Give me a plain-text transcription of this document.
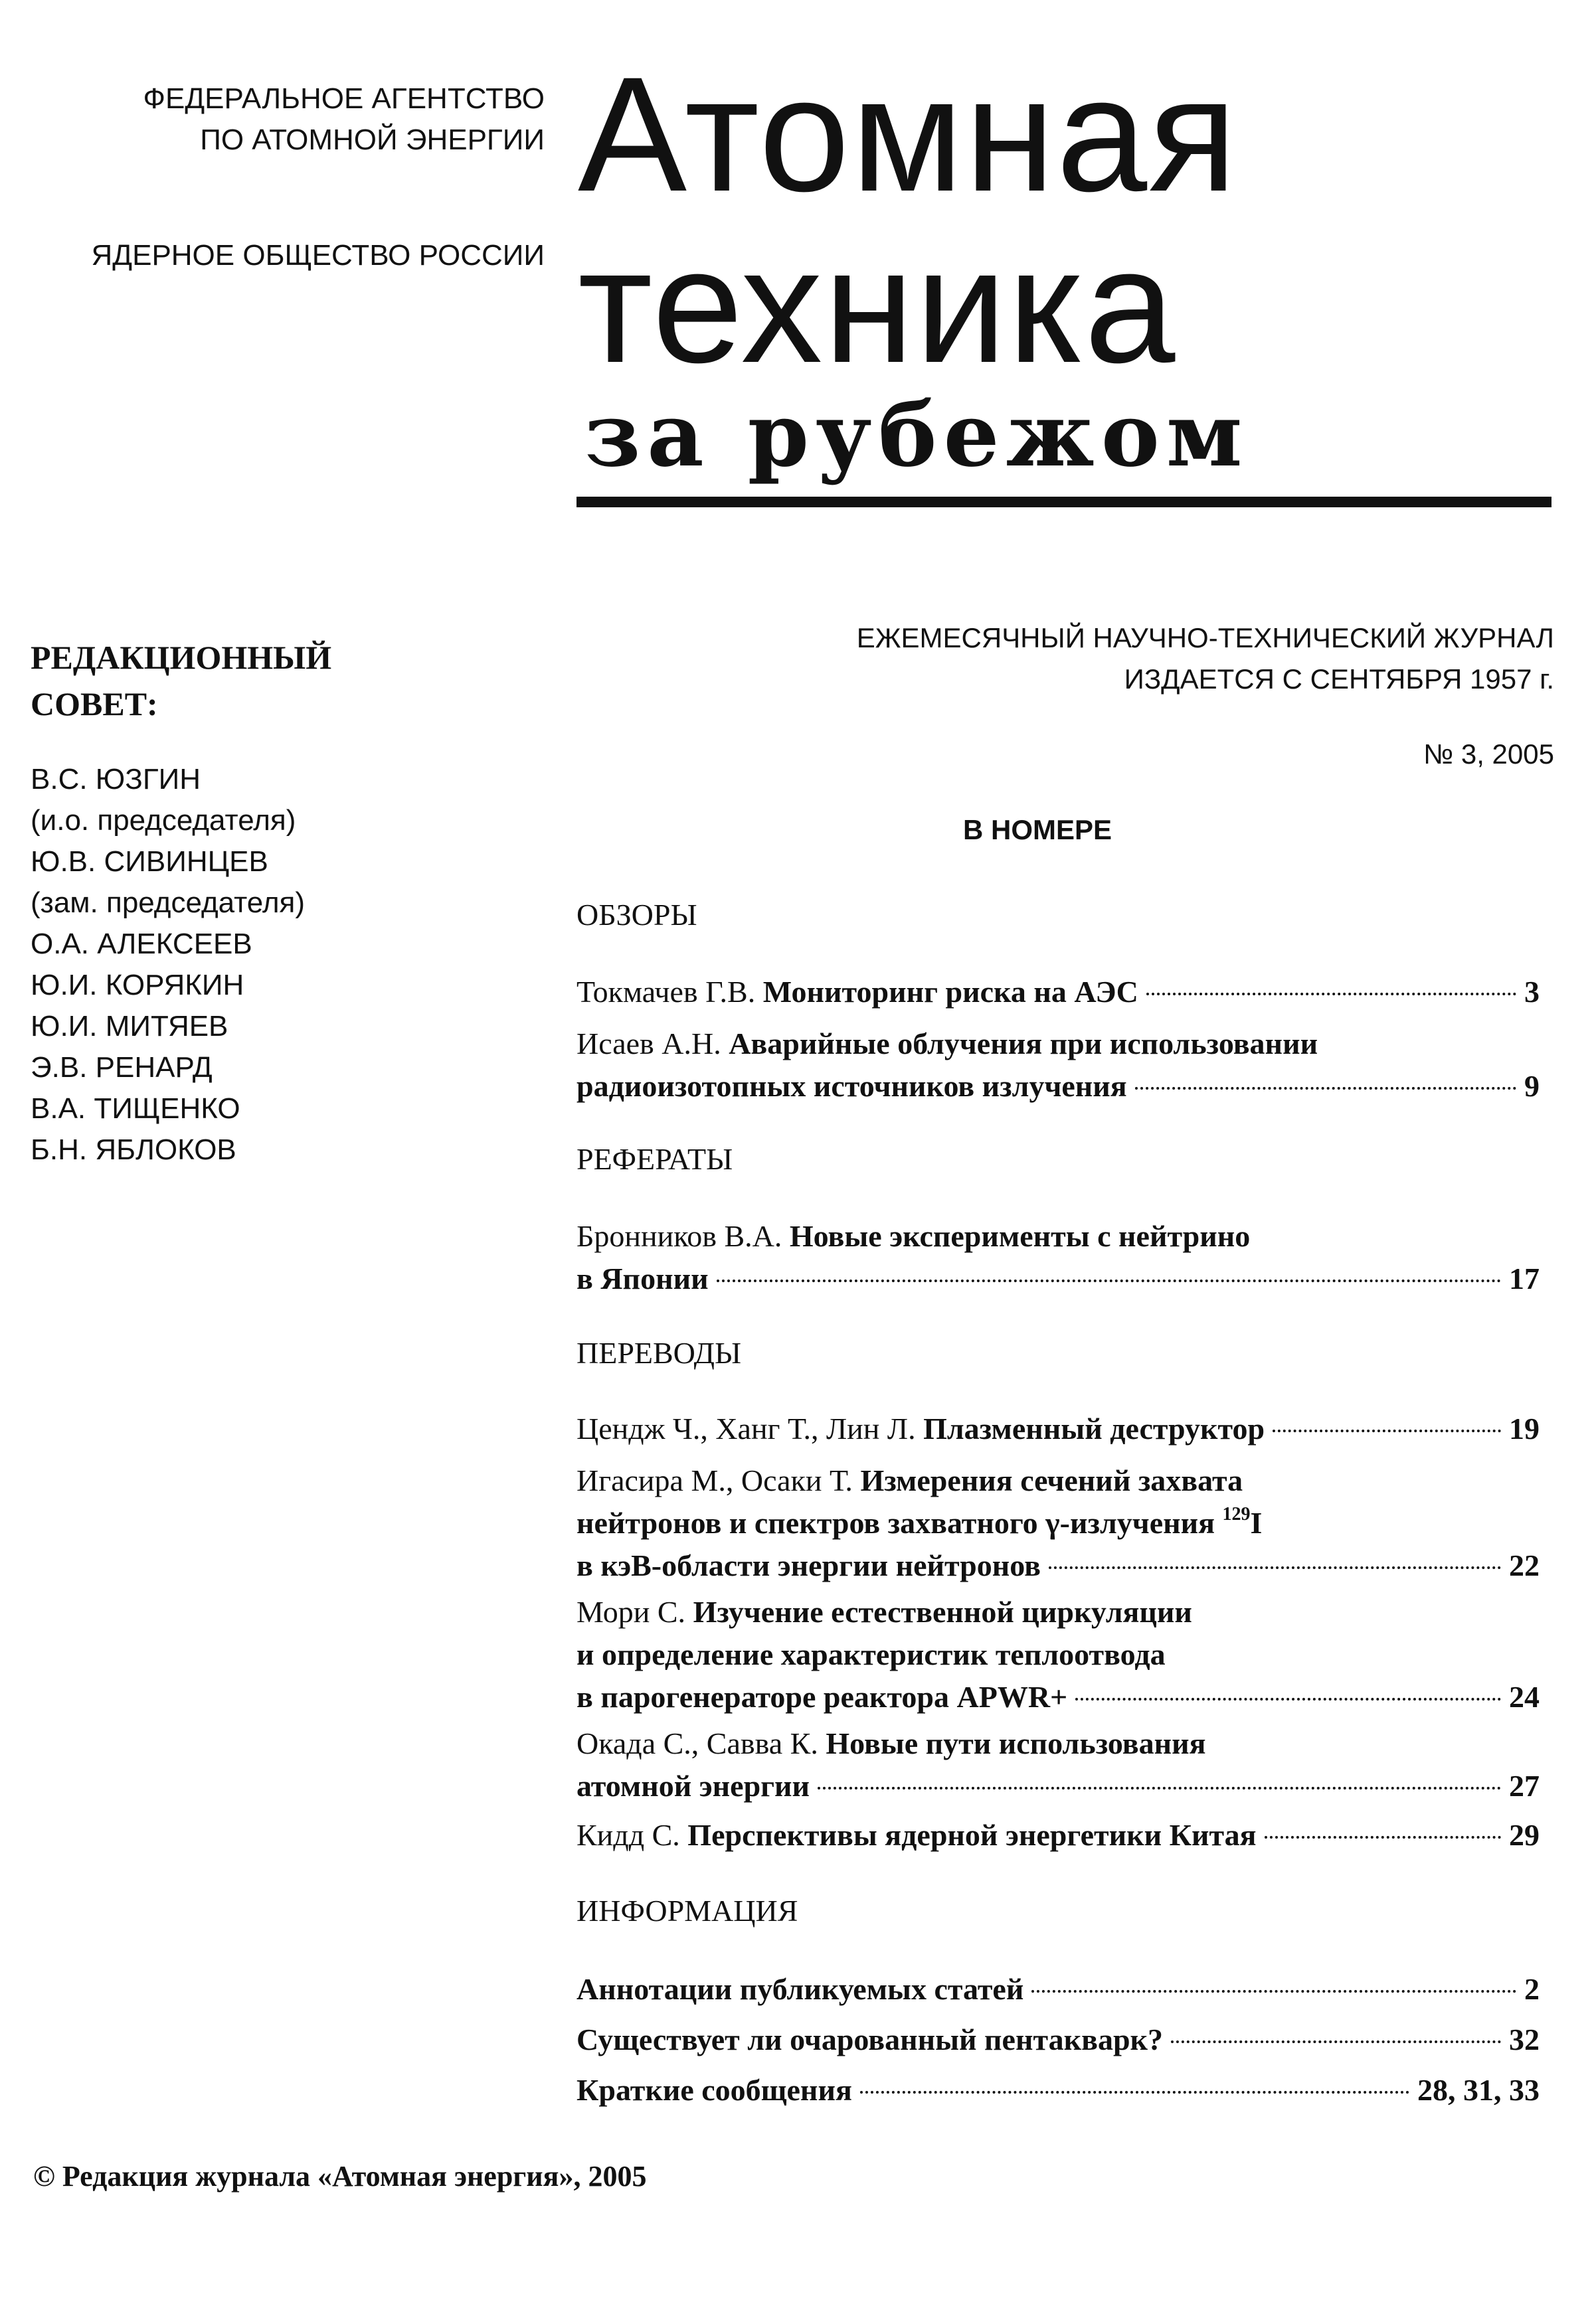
ФЕДЕРАЛЬНОЕ АГЕНТСТВО
ПО АТОМНОЙ ЭНЕРГИИ
ЯДЕРНОЕ ОБЩЕСТВО РОССИИ
Атомная
техника
за рубежом
РЕДАКЦИОННЫЙ
СОВЕТ:
В.С. ЮЗГИН
(и.о. председателя)
Ю.В. СИВИНЦЕВ
(зам. председателя)
О.А. АЛЕКСЕЕВ
Ю.И. КОРЯКИН
Ю.И. МИТЯЕВ
Э.В. РЕНАРД
В.А. ТИЩЕНКО
Б.Н. ЯБЛОКОВ
ЕЖЕМЕСЯЧНЫЙ НАУЧНО-ТЕХНИЧЕСКИЙ ЖУРНАЛ
ИЗДАЕТСЯ С СЕНТЯБРЯ 1957 г.
№ 3, 2005
В НОМЕРЕ
ОБЗОРЫ
Токмачев Г.В. Мониторинг риска на АЭС	3
Исаев А.Н. Аварийные облучения при использовании
радиоизотопных источников излучения	9
РЕФЕРАТЫ
Бронников В.А. Новые эксперименты с нейтрино
в Японии	17
ПЕРЕВОДЫ
Цендж Ч., Ханг Т., Лин Л. Плазменный деструктор	19
Игасира М., Осаки Т. Измерения сечений захвата
нейтронов и спектров захватного γ-излучения $^{129}$I
в кэВ-области энергии нейтронов	22
Мори С. Изучение естественной циркуляции
и определение характеристик теплоотвода
в парогенераторе реактора APWR+	24
Окада С., Савва К. Новые пути использования
атомной энергии	27
Кидд С. Перспективы ядерной энергетики Китая	29
ИНФОРМАЦИЯ
Аннотации публикуемых статей	2
Существует ли очарованный пентакварк?	32
Краткие сообщения	28, 31, 33
© Редакция журнала «Атомная энергия», 2005
